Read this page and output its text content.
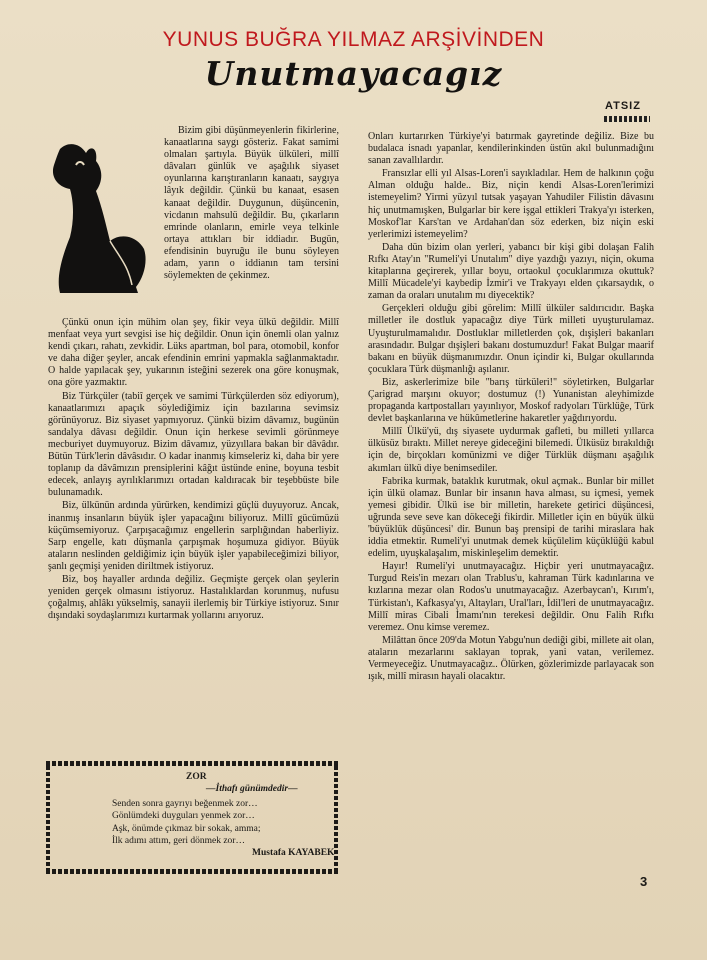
YUNUS BUĞRA YILMAZ ARŞİVİNDEN
Unutmayacagız
ATSIZ

Bizim gibi düşünmeyenlerin fikirlerine, kanaatlarına saygı gösteriz. Fakat samimi olmaları şartıyla. Büyük ülküleri, millî dâvaları günlük ve aşağılık siyaset oyunlarına karıştıranların kanaatı, saygıya lâyık değildir. Çünkü bu kanaat, esasen kanaat değildir. Duygunun, düşüncenin, vicdanın mahsulü değildir. Bu, çıkarların emrinde olanların, emirle veya telkinle ortaya attıkları bir iddiadır. Bugün, efendisinin buyruğu ile bunu söyleyen adam, yarın o iddianın tam tersini söylemekten de çekinmez.

Çünkü onun için mühim olan şey, fikir veya ülkü değildir. Millî menfaat veya yurt sevgisi ise hiç değildir. Onun için önemli olan yalnız kendi çıkarı, rahatı, zevkidir. Lüks apartman, bol para, otomobil, konfor ve daha diğer şeyler, ancak efendinin emrini yapmakla sağlanmaktadır. O halde yapılacak şey, yukarının isteğini sezerek ona göre konuşmak, ona göre yazmaktır.

Biz Türkçüler (tabiî gerçek ve samimi Türkçülerden söz ediyorum), kanaatlarımızı apaçık söylediğimiz için bazılarına sevimsiz görünüyoruz. Biz siyaset yapmıyoruz. Çünkü bizim dâvamız, bugünün sandalya dâvası değildir. Onun için herkese sevimli görünmeye mecburiyet duymuyoruz. Bizim dâvamız, yüzyıllara bakan bir dâvâdır. Bütün Türk'lerin dâvâsıdır. O kadar inanmış kimseleriz ki, daha bir yere toplanıp da dâvâmızın prensiplerini kâğıt üstünde enine, boyuna tesbit edecek, anlayış ayrılıklarımızı ortadan kaldıracak bir teşebbüste bile bulunamadık.

Biz, ülkünün ardında yürürken, kendimizi güçlü duyuyoruz. Ancak, inanmış insanların büyük işler yapacağını biliyoruz. Millî gücümüzü küçümsemiyoruz. Çarpışacağımız engellerin sarplığından haberliyiz. Sarp engelle, katı düşmanla çarpışmak hoşumuza gidiyor. Büyük ataların neslinden geldiğimiz için büyük işler yapabileceğimizi biliyor, şanlı geçmişi yeniden diriltmek istiyoruz.

Biz, boş hayaller ardında değiliz. Geçmişte gerçek olan şeylerin yeniden gerçek olmasını istiyoruz. Hastalıklardan korunmuş, nufusu çoğalmış, ahlâkı yükselmiş, sanayii ilerlemiş bir Türkiye istiyoruz. Sınır dışındaki soydaşlarımızı kurtarmak yollarını arıyoruz.

ZOR
—İthafı günümdedir—
Senden sonra gayrıyı beğenmek zor…
Gönlümdeki duyguları yenmek zor…
Aşk, önümde çıkmaz bir sokak, amma;
İlk adımı attım, geri dönmek zor…
Mustafa KAYABEK

Onları kurtarırken Türkiye'yi batırmak gayretinde değiliz. Bize bu budalaca isnadı yapanlar, kendilerinkinden üstün akıl bulunmadığını sanan zavallılardır.

Fransızlar elli yıl Alsas-Loren'i sayıkladılar. Hem de halkının çoğu Alman olduğu halde.. Biz, niçin kendi Alsas-Loren'lerimizi istemeyelim? Yirmi yüzyıl tutsak yaşayan Yahudiler Filistin dâvasını hiç unutmamışken, Bulgarlar bir kere işgal ettikleri Trakya'yı isterken, Moskof'lar Kars'tan ve Ardahan'dan söz ederken, biz niçin eski yerlerimizi istemeyelim?

Daha dün bizim olan yerleri, yabancı bir kişi gibi dolaşan Falih Rıfkı Atay'ın "Rumeli'yi Unutalım" diye yazdığı yazıyı, niçin, okuma kitaplarına geçirerek, yıllar boyu, ortaokul çocuklarımıza okuttuk? Millî Mücadele'yi kaybedip İzmir'i ve Trakyayı elden çıkarsaydık, o zaman da oraları unutalım mı diyecektik?

Gerçekleri olduğu gibi görelim: Millî ülküler saldırıcıdır. Başka milletler ile dostluk yapacağız diye Türk milleti uyuşturulamaz. Uyuşturulmamalıdır. Dostluklar milletlerden çok, dışişleri bakanları arasındadır. Bulgar dışişleri bakanı dostumuzdur! Fakat Bulgar maarif bakanı en büyük düşmanımızdır. Onun içindir ki, Bulgar okullarında çocuklara Türk düşmanlığı aşılanır.

Biz, askerlerimize bile "barış türküleri!" söyletirken, Bulgarlar Çarigrad marşını okuyor; dostumuz (!) Yunanistan aleyhimizde propaganda kartpostalları yayınlıyor, Moskof radyoları Türklüğe, Türk devlet başkanlarına ve hükûmetlerine hakaretler yağdırıyordu.

Millî Ülkü'yü, dış siyasete uydurmak gafleti, bu milleti yıllarca ülküsüz bıraktı. Millet nereye gideceğini bilemedi. Ülküsüz bırakıldığı için de, birçokları komünizmi ve diğer Türklük düşmanı aşağılık akımları ülkü diye benimsediler.

Fabrika kurmak, bataklık kurutmak, okul açmak.. Bunlar bir millet için ülkü olamaz. Bunlar bir insanın hava alması, su içmesi, yemek yemesi gibidir. Ülkü ise bir milletin, harekete getirici düşüncesi, uğrunda seve seve kan dökeceği fikirdir. Milletler için en büyük ülkü 'büyüklük düşüncesi' dir. Bunun baş prensipi de tarihi miraslara hak iddia etmektir. Rumeli'yi unutmak demek küçülelim küçüklüğü kabul edelim, uyuşkalaşalım, miskinleşelim demektir.

Hayır! Rumeli'yi unutmayacağız. Hiçbir yeri unutmayacağız. Turgud Reis'in mezarı olan Trablus'u, kahraman Türk kadınlarına ve kızlarına mezar olan Rodos'u unutmayacağız. Azerbaycan'ı, Kırım'ı, Türkistan'ı, Kafkasya'yı, Altayları, Ural'ları, İdil'leri de unutmayacağız. Millî miras Cibali İmamı'nın terekesi değildir. Onu Falih Rıfkı veremez. Onu kimse veremez.

Milâttan önce 209'da Motun Yabgu'nun dediği gibi, millete ait olan, ataların mezarlarını saklayan toprak, yani vatan, verilemez. Vermeyeceğiz. Unutmayacağız.. Ölürken, gözlerimizde parlayacak son ışık, millî mirasın hayali olacaktır.

3
